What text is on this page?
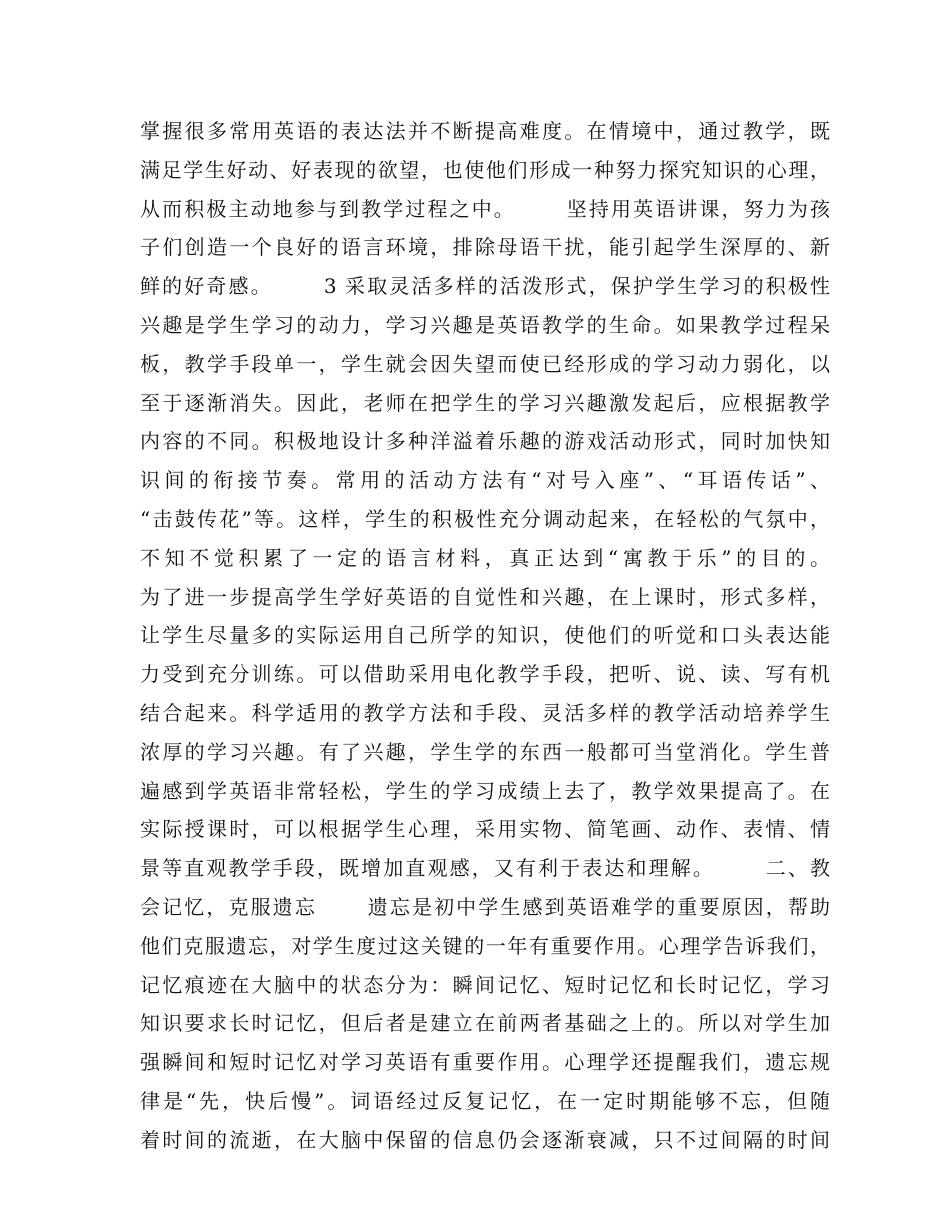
掌握很多常用英语的表达法并不断提高难度。在情境中，通过教学，既
满足学生好动、好表现的欲望，也使他们形成一种努力探究知识的心理，
从而积极主动地参与到教学过程之中。      坚持用英语讲课，努力为孩
子们创造一个良好的语言环境，排除母语干扰，能引起学生深厚的、新
鲜的好奇感。      3 采取灵活多样的活泼形式，保护学生学习的积极性
兴趣是学生学习的动力，学习兴趣是英语教学的生命。如果教学过程呆
板，教学手段单一，学生就会因失望而使已经形成的学习动力弱化，以
至于逐渐消失。因此，老师在把学生的学习兴趣激发起后，应根据教学
内容的不同。积极地设计多种洋溢着乐趣的游戏活动形式，同时加快知
识间的衔接节奏。常用的活动方法有“对号入座”、“耳语传话”、
“击鼓传花”等。这样，学生的积极性充分调动起来，在轻松的气氛中，
不知不觉积累了一定的语言材料，真正达到“寓教于乐”的目的。
为了进一步提高学生学好英语的自觉性和兴趣，在上课时，形式多样，
让学生尽量多的实际运用自己所学的知识，使他们的听觉和口头表达能
力受到充分训练。可以借助采用电化教学手段，把听、说、读、写有机
结合起来。科学适用的教学方法和手段、灵活多样的教学活动培养学生
浓厚的学习兴趣。有了兴趣，学生学的东西一般都可当堂消化。学生普
遍感到学英语非常轻松，学生的学习成绩上去了，教学效果提高了。在
实际授课时，可以根据学生心理，采用实物、简笔画、动作、表情、情
景等直观教学手段，既增加直观感，又有利于表达和理解。      二、教
会记忆，克服遗忘      遗忘是初中学生感到英语难学的重要原因，帮助
他们克服遗忘，对学生度过这关键的一年有重要作用。心理学告诉我们，
记忆痕迹在大脑中的状态分为：瞬间记忆、短时记忆和长时记忆，学习
知识要求长时记忆，但后者是建立在前两者基础之上的。所以对学生加
强瞬间和短时记忆对学习英语有重要作用。心理学还提醒我们，遗忘规
律是“先，快后慢”。词语经过反复记忆，在一定时期能够不忘，但随
着时间的流逝，在大脑中保留的信息仍会逐渐衰减，只不过间隔的时间
